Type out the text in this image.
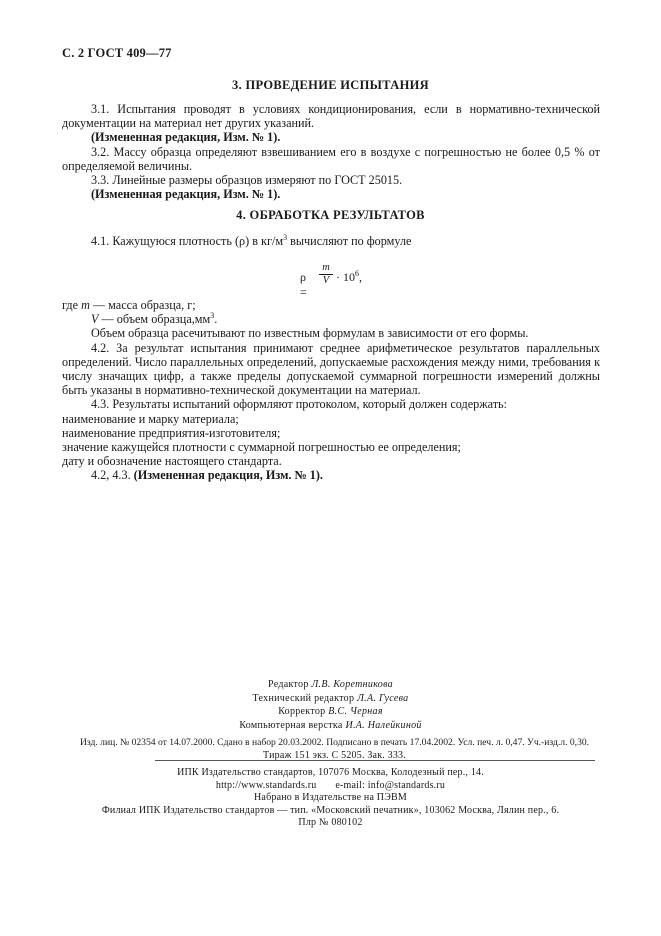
С. 2 ГОСТ 409—77
3. ПРОВЕДЕНИЕ ИСПЫТАНИЯ

3.1. Испытания проводят в условиях кондиционирования, если в нормативно-технической документации на материал нет других указаний.

(Измененная редакция, Изм. № 1).

3.2. Массу образца определяют взвешиванием его в воздухе с погрешностью не более 0,5 % от определяемой величины.

3.3. Линейные размеры образцов измеряют по ГОСТ 25015.

(Измененная редакция, Изм. № 1).

4. ОБРАБОТКА РЕЗУЛЬТАТОВ

4.1. Кажущуюся плотность (ρ) в $кг/м^3$ вычисляют по формуле

ρ =
$\frac{m}{V} \cdot 10^6$,

где m — масса образца, г;

V — объем $образца,мм^3$.

Объем образца расечитывают по известным формулам в зависимости от его формы.

4.2. За результат испытания принимают среднее арифметическое результатов параллельных определений. Число параллельных определений, допускаемые расхождения между ними, требования к числу значащих цифр, а также пределы допускаемой суммарной погрешности измерений должны быть указаны в нормативно-технической документации на материал.

4.3. Результаты испытаний оформляют протоколом, который должен содержать:

наименование и марку материала;

наименование предприятия-изготовителя;

значение кажущейся плотности с суммарной погрешностью ее определения;

дату и обозначение настоящего стандарта.

4.2, 4.3. (Измененная редакция, Изм. № 1).

Редактор Л.В. Коретникова
Технический редактор Л.А. Гусева
Корректор В.С. Черная
Компьютерная верстка И.А. Налейкиной
Изд. лиц. № 02354 от 14.07.2000. Сдано в набор 20.03.2002. Подписано в печать 17.04.2002. Усл. печ. л. 0,47. Уч.-изд.л. 0,30.
Тираж 151 экз. С 5205. Зак. 333.
ИПК Издательство стандартов, 107076 Москва, Колодезный пер., 14.
http://www.standards.ru       e-mail: info@standards.ru
Набрано в Издательстве на ПЭВМ
Филиал ИПК Издательство стандартов — тип. «Московский печатник», 103062 Москва, Лялин пер., 6.
Плр № 080102
